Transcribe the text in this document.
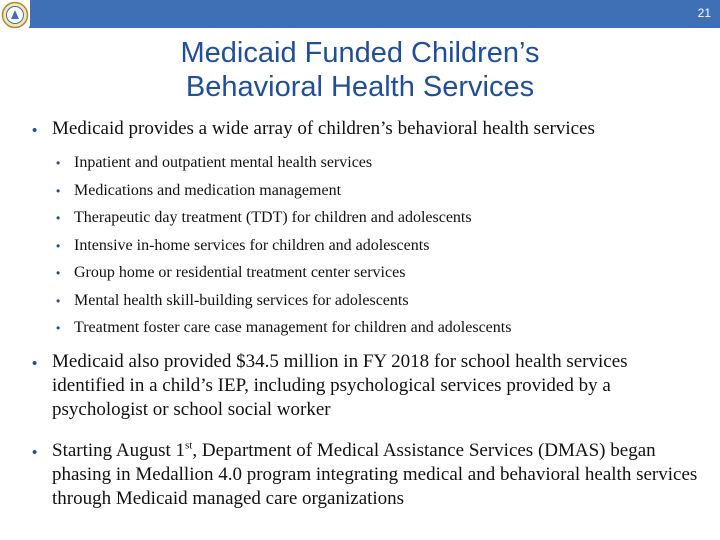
21
Medicaid Funded Children’s
Behavioral Health Services
• Medicaid provides a wide array of children’s behavioral health services
• Inpatient and outpatient mental health services
• Medications and medication management
• Therapeutic day treatment (TDT) for children and adolescents
• Intensive in-home services for children and adolescents
• Group home or residential treatment center services
• Mental health skill-building services for adolescents
• Treatment foster care case management for children and adolescents
• Medicaid also provided $34.5 million in FY 2018 for school health services identified in a child’s IEP, including psychological services provided by a psychologist or school social worker
• Starting August 1st, Department of Medical Assistance Services (DMAS) began phasing in Medallion 4.0 program integrating medical and behavioral health services through Medicaid managed care organizations
